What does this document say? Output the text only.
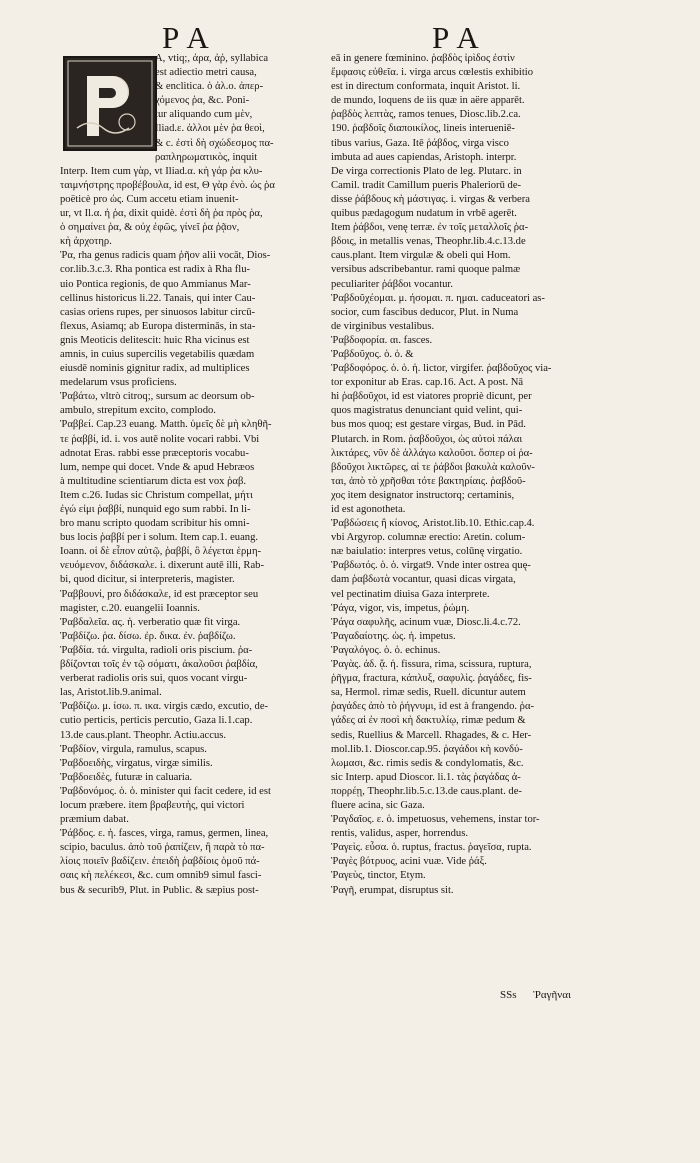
PA	PA

A, vtiq;, ἀρα, ἀῤ, syllabica

est adiectio metri causa,

& enclitica. ὁ ἀλ.ο. ἀπερ-

χόμενος ῥα, &c. Poni-

tur aliquando cum μὲν,

Iliad.ε. ἀλλοι μὲν ῥα θεοὶ,

& c. ἐστὶ δὴ σχώδεσμος πα-

ραπληρωματικὸς, inquit

Interp. Item cum γὰρ, vt Iliad.α. κὴ γάρ ῥα κλυ-

ταιμνήστρης προβέβουλα, id est, Θ γὰρ ἐνὸ. ὡς ῥα

poëticè pro ὡς. Cum accetu etiam inuenit-

ur, vt Il.α. ἠ ῥα, dixit quidè. ἐστὶ δὴ ῥα πρὸς ῥα,

ὁ σημαίνει ῥα, & οὐχ ἐφῶς, γίνεῖ ῥα ῥᾷον,

κὴ ἀρχοτηρ.

Ῥα, rha genus radicis quam ῥῆον alii vocāt, Dios-

cor.lib.3.c.3. Rha pontica est radix à Rha flu-

uio Pontica regionis, de quo Ammianus Mar-

cellinus historicus li.22. Tanais, qui inter Cau-

casias oriens rupes, per sinuosos labitur circū-

flexus, Asiamq; ab Europa disterminās, in sta-

gnis Meoticis delitescit: huic Rha vicinus est

amnis, in cuius supercilis vegetabilis quædam

eiusdē nominis gignitur radix, ad multiplices

medelarum vsus proficiens.

Ῥαβάτω, vltrò citroq;, sursum ac deorsum ob-

ambulo, strepitum excito, complodo.

Ῥαββεί. Cap.23 euang. Matth. ὑμεῖς δὲ μὴ κληθῆ-

τε ῥαββί, id. i. vos autē nolite vocari rabbi. Vbi

adnotat Eras. rabbi esse præceptoris vocabu-

lum, nempe qui docet. Vnde & apud Hebræos

à multitudine scientiarum dicta est vox ῥαβ.

Item c.26. Iudas sic Christum compellat, μήτι

ἐγώ εἰμι ῥαββί, nunquid ego sum rabbi. In li-

bro manu scripto quodam scribitur his omni-

bus locis ῥαββί per i solum. Item cap.1. euang.

Ioann. οἱ δὲ εἶπον αὐτῷ, ῥαββί, ὃ λέγεται ἑρμη-

νευόμενον, διδάσκαλε. i. dixerunt autē illi, Rab-

bi, quod dicitur, si interpreteris, magister.

Ῥαββουνί, pro διδάσκαλε, id est præceptor seu

magister, c.20. euangelii Ioannis.

Ῥαβδαλεῖα. ας. ἡ. verberatio quæ fit virga.

Ῥαβδίζω. ῥα. δίσω. ἐρ. δικα. ἐν. ῥαβδίζω.

Ῥαβδία. τά. virgulta, radioli oris piscium. ῥα-

βδίζονται τοῖς ἐν τῷ σόματι, ἀκαλοῦσι ῥαβδία,

verberat radiolis oris sui, quos vocant virgu-

las, Aristot.lib.9.animal.

Ῥαβδίζω. μ. ίσω. π. ικα. virgis cædo, excutio, de-

cutio perticis, perticis percutio, Gaza li.1.cap.

13.de caus.plant. Theophr. Actiu.accus.

Ῥαβδίον, virgula, ramulus, scapus.

Ῥαβδοειδὴς, virgatus, virgæ similis.

Ῥαβδοειδὲς, futuræ in caluaria.

Ῥαβδονόμος. ὁ. ὁ. minister qui facit cedere, id est

locum præbere. item βραβευτὴς, qui victori

præmium dabat.

Ῥάβδος. ε. ἡ. fasces, virga, ramus, germen, linea,

scipio, baculus. ἀπὸ τοῦ ῥαπίζειν, ἢ παρὰ τὸ πα-

λίοις ποιεῖν βαδίζειν. ἐπειδὴ ῥαβδίοις ὁμοῦ πά-

σαις κὴ πελέκεσι, &c. cum omnib9 simul fasci-

bus & securib9, Plut. in Public. & sæpius post-

eā in genere fœminino. ῥαβδὸς ἰρὶδος ἐστὶν

ἔμφασις εὐθεῖα. i. virga arcus cœlestis exhibitio

est in directum conformata, inquit Aristot. li.

de mundo, loquens de iis quæ in aëre apparēt.

ῥαβδὸς λεπτὰς, ramos tenues, Diosc.lib.2.ca.

190. ῥαβδοῖς διαποικίλος, lineis interueniē-

tibus varius, Gaza. Itē ῥάβδος, virga visco

imbuta ad aues capiendas, Aristoph. interpr.

De virga correctionis Plato de leg. Plutarc. in

Camil. tradit Camillum pueris Phaleriorū de-

disse ῥάβδους κὴ μάστιγας. i. virgas & verbera

quibus pædagogum nudatum in vrbē agerēt.

Item ῥάβδοι, venę terræ. ἐν τοῖς μεταλλοῖς ῥα-

βδοις, in metallis venas, Theophr.lib.4.c.13.de

caus.plant. Item virgulæ & obeli qui Hom.

versibus adscribebantur. rami quoque palmæ

peculiariter ῥάβδοι vocantur.

Ῥαβδοῦχέομαι. μ. ήσομαι. π. ημαι. caduceatori as-

socior, cum fascibus deducor, Plut. in Numa

de virginibus vestalibus.

Ῥαβδοφορία. αι. fasces.

Ῥαβδοῦχος. ὁ. ὁ. &

Ῥαβδοφόρος. ὁ. ὁ. ἡ. lictor, virgifer. ῥαβδοῦχος via-

tor exponitur ab Eras. cap.16. Act. A post. Nā

hi ῥαβδοῦχοι, id est viatores propriè dicunt, per

quos magistratus denunciant quid velint, qui-

bus mos quoq; est gestare virgas, Bud. in Pād.

Plutarch. in Rom. ῥαβδοῦχοι, ὡς αὐτοὶ πάλαι

λικτάρες, νῦν δὲ ἀλλάγω καλοῦσι. ὅσπερ οἱ ῥα-

βδοῦχοι λικτῶρες, αἰ τε ῥάβδοι βακυλὰ καλοῦν-

ται, ἀπὸ τὸ χρῆσθαι τότε βακτηρίαις. ῥαβδοῦ-

χος item designator instructorq; certaminis,

id est agonotheta.

Ῥαβδώσεις ἢ κίονος, Aristot.lib.10. Ethic.cap.4.

vbi Argyrop. columnæ erectio: Aretin. colum-

næ baiulatio: interpres vetus, colūnę virgatio.

Ῥαβδωτός. ὁ. ὁ. virgat9. Vnde inter ostrea quę-

dam ῥαβδωτὰ vocantur, quasi dicas virgata,

vel pectinatim diuisa Gaza interprete.

Ῥάγα, vigor, vis, impetus, ῥώμη.

Ῥάγα σαφυλῆς, acinum vuæ, Diosc.li.4.c.72.

Ῥαγαδαίοτης. ὡς. ἡ. impetus.

Ῥαγαλόγος. ὁ. ὁ. echinus.

Ῥαγὰς. ἀδ. ᾅ. ἡ. fissura, rima, scissura, ruptura,

ῥῆγμα, fractura, κάπλυξ, σαφυλὶς. ῥαγάδες, fis-

sa, Hermol. rimæ sedis, Ruell. dicuntur autem

ῥαγάδες ἀπὸ τὸ ῥήγνυμι, id est à frangendo. ῥα-

γάδες αἱ ἐν ποσὶ κὴ δακτυλίῳ, rimæ pedum &

sedis, Ruellius & Marcell. Rhagades, & c. Her-

mol.lib.1. Dioscor.cap.95. ῥαγάδοι κὴ κονδύ-

λωμασι, &c. rimis sedis & condylomatis, &c.

sic Interp. apud Dioscor. li.1. τὰς ῥαγάδας ἀ-

πορρέῃ, Theophr.lib.5.c.13.de caus.plant. de-

fluere acina, sic Gaza.

Ῥαγδαῖος. ε. ὁ. impetuosus, vehemens, instar tor-

rentis, validus, asper, horrendus.

Ῥαγεὶς. εὖσα. ὁ. ruptus, fractus. ῥαγεῖσα, rupta.

Ῥαγὲς βότρυος, acini vuæ. Vide ῥάξ.

Ῥαγεὺς, tinctor, Etym.

Ῥαγῆ, erumpat, disruptus sit.

SSs Ῥαγῆναι
